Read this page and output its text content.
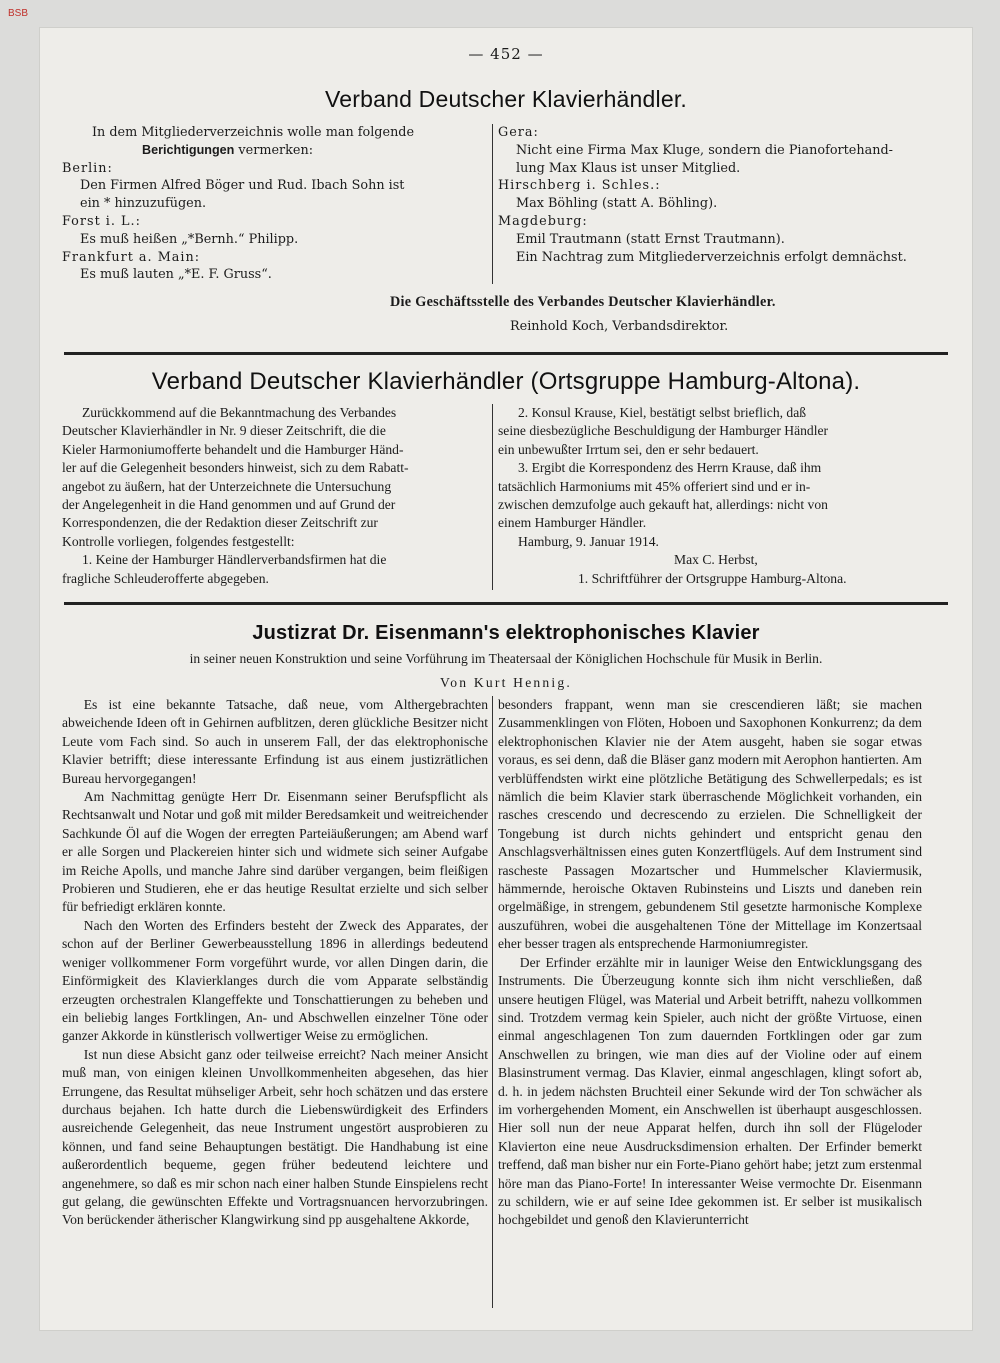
BSB
— 452 —
Verband Deutscher Klavierhändler.
In dem Mitgliederverzeichnis wolle man folgende
Berichtigungen vermerken:
Berlin:
Den Firmen Alfred Böger und Rud. Ibach Sohn ist
ein * hinzuzufügen.
Forst i. L.:
Es muß heißen „*Bernh.“ Philipp.
Frankfurt a. Main:
Es muß lauten „*E. F. Gruss“.
Gera:
Nicht eine Firma Max Kluge, sondern die Pianofortehand-
lung Max Klaus ist unser Mitglied.
Hirschberg i. Schles.:
Max Böhling (statt A. Böhling).
Magdeburg:
Emil Trautmann (statt Ernst Trautmann).
Ein Nachtrag zum Mitgliederverzeichnis erfolgt demnächst.
Die Geschäftsstelle des Verbandes Deutscher Klavierhändler.
Reinhold Koch, Verbandsdirektor.
Verband Deutscher Klavierhändler (Ortsgruppe Hamburg-Altona).
Zurückkommend auf die Bekanntmachung des Verbandes
Deutscher Klavierhändler in Nr. 9 dieser Zeitschrift, die die
Kieler Harmoniumofferte behandelt und die Hamburger Händ-
ler auf die Gelegenheit besonders hinweist, sich zu dem Rabatt-
angebot zu äußern, hat der Unterzeichnete die Untersuchung
der Angelegenheit in die Hand genommen und auf Grund der
Korrespondenzen, die der Redaktion dieser Zeitschrift zur
Kontrolle vorliegen, folgendes festgestellt:
1. Keine der Hamburger Händlerverbandsfirmen hat die
fragliche Schleuderofferte abgegeben.
2. Konsul Krause, Kiel, bestätigt selbst brieflich, daß
seine diesbezügliche Beschuldigung der Hamburger Händler
ein unbewußter Irrtum sei, den er sehr bedauert.
3. Ergibt die Korrespondenz des Herrn Krause, daß ihm
tatsächlich Harmoniums mit 45% offeriert sind und er in-
zwischen demzufolge auch gekauft hat, allerdings: nicht von
einem Hamburger Händler.
Hamburg, 9. Januar 1914.
Max C. Herbst,
1. Schriftführer der Ortsgruppe Hamburg-Altona.
Justizrat Dr. Eisenmann's elektrophonisches Klavier
in seiner neuen Konstruktion und seine Vorführung im Theatersaal der Königlichen Hochschule für Musik in Berlin.
Von Kurt Hennig.

Es ist eine bekannte Tatsache, daß neue, vom Althergebrachten abweichende Ideen oft in Gehirnen aufblitzen, deren glückliche Besitzer nicht Leute vom Fach sind. So auch in unserem Fall, der das elektrophonische Klavier betrifft; diese interessante Erfindung ist aus einem justizrätlichen Bureau hervorgegangen!

Am Nachmittag genügte Herr Dr. Eisenmann seiner Berufspflicht als Rechtsanwalt und Notar und goß mit milder Beredsamkeit und weitreichender Sachkunde Öl auf die Wogen der erregten Parteiäußerungen; am Abend warf er alle Sorgen und Plackereien hinter sich und widmete sich seiner Aufgabe im Reiche Apolls, und manche Jahre sind darüber vergangen, beim fleißigen Probieren und Studieren, ehe er das heutige Resultat erzielte und sich selber für befriedigt erklären konnte.

Nach den Worten des Erfinders besteht der Zweck des Apparates, der schon auf der Berliner Gewerbeausstellung 1896 in allerdings bedeutend weniger vollkommener Form vorgeführt wurde, vor allen Dingen darin, die Einförmigkeit des Klavierklanges durch die vom Apparate selbständig erzeugten orchestralen Klangeffekte und Tonschattierungen zu beheben und ein beliebig langes Fortklingen, An- und Abschwellen einzelner Töne oder ganzer Akkorde in künstlerisch vollwertiger Weise zu ermöglichen.

Ist nun diese Absicht ganz oder teilweise erreicht? Nach meiner Ansicht muß man, von einigen kleinen Unvollkommenheiten abgesehen, das hier Errungene, das Resultat mühseliger Arbeit, sehr hoch schätzen und das erstere durchaus bejahen. Ich hatte durch die Liebenswürdigkeit des Erfinders ausreichende Gelegenheit, das neue Instrument ungestört ausprobieren zu können, und fand seine Behauptungen bestätigt. Die Handhabung ist eine außerordentlich bequeme, gegen früher bedeutend leichtere und angenehmere, so daß es mir schon nach einer halben Stunde Einspielens recht gut gelang, die gewünschten Effekte und Vortragsnuancen hervorzubringen. Von berückender ätherischer Klangwirkung sind pp ausgehaltene Akkorde,

besonders frappant, wenn man sie crescendieren läßt; sie machen Zusammenklingen von Flöten, Hoboen und Saxophonen Konkurrenz; da dem elektrophonischen Klavier nie der Atem ausgeht, haben sie sogar etwas voraus, es sei denn, daß die Bläser ganz modern mit Aerophon hantierten. Am verblüffendsten wirkt eine plötzliche Betätigung des Schwellerpedals; es ist nämlich die beim Klavier stark überraschende Möglichkeit vorhanden, ein rasches crescendo und decrescendo zu erzielen. Die Schnelligkeit der Tongebung ist durch nichts gehindert und entspricht genau den Anschlagsverhältnissen eines guten Konzertflügels. Auf dem Instrument sind rascheste Passagen Mozartscher und Hummelscher Klaviermusik, hämmernde, heroische Oktaven Rubinsteins und Liszts und daneben rein orgelmäßige, in strengem, gebundenem Stil gesetzte harmonische Komplexe auszuführen, wobei die ausgehaltenen Töne der Mittellage im Konzertsaal eher besser tragen als entsprechende Harmoniumregister.

Der Erfinder erzählte mir in launiger Weise den Entwicklungsgang des Instruments. Die Überzeugung konnte sich ihm nicht verschließen, daß unsere heutigen Flügel, was Material und Arbeit betrifft, nahezu vollkommen sind. Trotzdem vermag kein Spieler, auch nicht der größte Virtuose, einen einmal angeschlagenen Ton zum dauernden Fortklingen oder gar zum Anschwellen zu bringen, wie man dies auf der Violine oder auf einem Blasinstrument vermag. Das Klavier, einmal angeschlagen, klingt sofort ab, d. h. in jedem nächsten Bruchteil einer Sekunde wird der Ton schwächer als im vorhergehenden Moment, ein Anschwellen ist überhaupt ausgeschlossen. Hier soll nun der neue Apparat helfen, durch ihn soll der Flügeloder Klavierton eine neue Ausdrucksdimension erhalten. Der Erfinder bemerkt treffend, daß man bisher nur ein Forte-Piano gehört habe; jetzt zum erstenmal höre man das Piano-Forte! In interessanter Weise vermochte Dr. Eisenmann zu schildern, wie er auf seine Idee gekommen ist. Er selber ist musikalisch hochgebildet und genoß den Klavierunterricht
